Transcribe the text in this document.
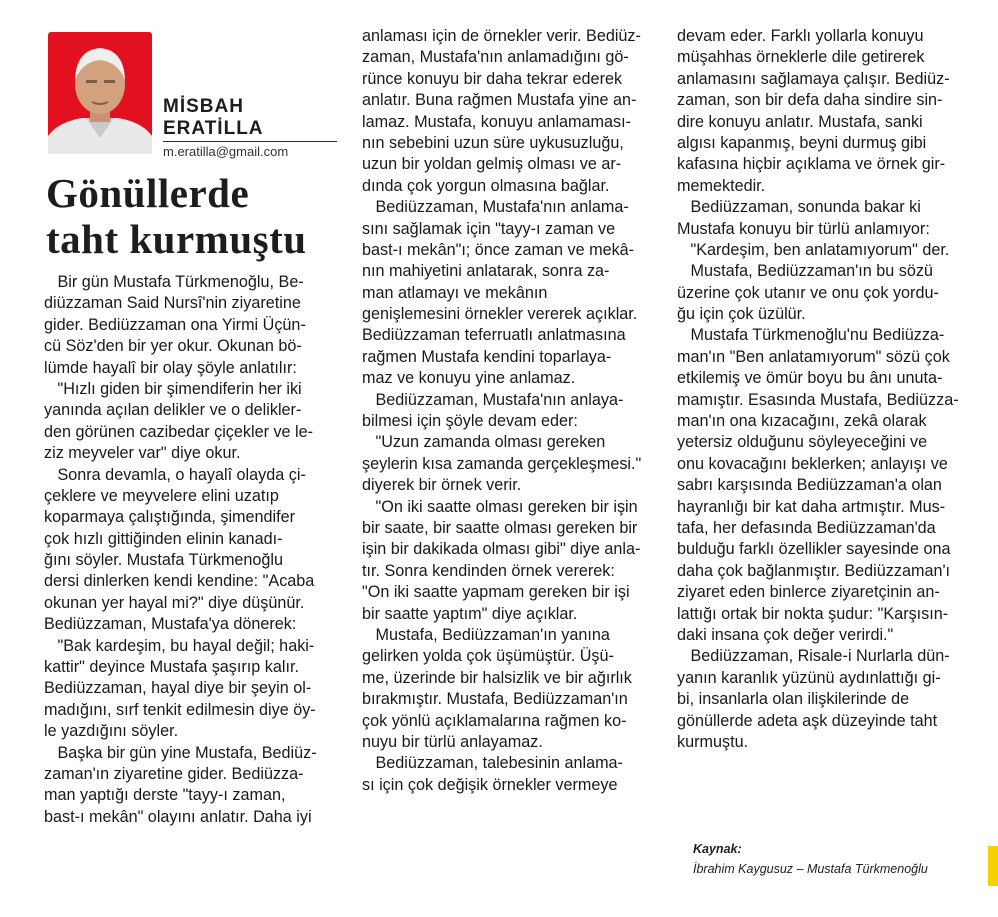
MİSBAH ERATİLLA
m.eratilla@gmail.com
Gönüllerde
taht kurmuştu
Bir gün Mustafa Türkmenoğlu, Be-
diüzzaman Said Nursî'nin ziyaretine
gider. Bediüzzaman ona Yirmi Üçün-
cü Söz'den bir yer okur. Okunan bö-
lümde hayalî bir olay şöyle anlatılır:
"Hızlı giden bir şimendiferin her iki
yanında açılan delikler ve o delikler-
den görünen cazibedar çiçekler ve le-
ziz meyveler var" diye okur.
Sonra devamla, o hayalî olayda çi-
çeklere ve meyvelere elini uzatıp
koparmaya çalıştığında, şimendifer
çok hızlı gittiğinden elinin kanadı-
ğını söyler. Mustafa Türkmenoğlu
dersi dinlerken kendi kendine: "Acaba
okunan yer hayal mi?" diye düşünür.
Bediüzzaman, Mustafa'ya dönerek:
"Bak kardeşim, bu hayal değil; haki-
kattir" deyince Mustafa şaşırıp kalır.
Bediüzzaman, hayal diye bir şeyin ol-
madığını, sırf tenkit edilmesin diye öy-
le yazdığını söyler.
Başka bir gün yine Mustafa, Bediüz-
zaman'ın ziyaretine gider. Bediüzza-
man yaptığı derste "tayy-ı zaman,
bast-ı mekân" olayını anlatır. Daha iyi
anlaması için de örnekler verir. Bediüz-
zaman, Mustafa'nın anlamadığını gö-
rünce konuyu bir daha tekrar ederek
anlatır. Buna rağmen Mustafa yine an-
lamaz. Mustafa, konuyu anlamaması-
nın sebebini uzun süre uykusuzluğu,
uzun bir yoldan gelmiş olması ve ar-
dında çok yorgun olmasına bağlar.
Bediüzzaman, Mustafa'nın anlama-
sını sağlamak için "tayy-ı zaman ve
bast-ı mekân"ı; önce zaman ve mekâ-
nın mahiyetini anlatarak, sonra za-
man atlamayı ve mekânın
genişlemesini örnekler vererek açıklar.
Bediüzzaman teferruatlı anlatmasına
rağmen Mustafa kendini toparlaya-
maz ve konuyu yine anlamaz.
Bediüzzaman, Mustafa'nın anlaya-
bilmesi için şöyle devam eder:
"Uzun zamanda olması gereken
şeylerin kısa zamanda gerçekleşmesi."
diyerek bir örnek verir.
"On iki saatte olması gereken bir işin
bir saate, bir saatte olması gereken bir
işin bir dakikada olması gibi" diye anla-
tır. Sonra kendinden örnek vererek:
"On iki saatte yapmam gereken bir işi
bir saatte yaptım" diye açıklar.
Mustafa, Bediüzzaman'ın yanına
gelirken yolda çok üşümüştür. Üşü-
me, üzerinde bir halsizlik ve bir ağırlık
bırakmıştır. Mustafa, Bediüzzaman'ın
çok yönlü açıklamalarına rağmen ko-
nuyu bir türlü anlayamaz.
Bediüzzaman, talebesinin anlama-
sı için çok değişik örnekler vermeye
devam eder. Farklı yollarla konuyu
müşahhas örneklerle dile getirerek
anlamasını sağlamaya çalışır. Bediüz-
zaman, son bir defa daha sindire sin-
dire konuyu anlatır. Mustafa, sanki
algısı kapanmış, beyni durmuş gibi
kafasına hiçbir açıklama ve örnek gir-
memektedir.
Bediüzzaman, sonunda bakar ki
Mustafa konuyu bir türlü anlamıyor:
"Kardeşim, ben anlatamıyorum" der.
Mustafa, Bediüzzaman'ın bu sözü
üzerine çok utanır ve onu çok yordu-
ğu için çok üzülür.
Mustafa Türkmenoğlu'nu Bediüzza-
man'ın "Ben anlatamıyorum" sözü çok
etkilemiş ve ömür boyu bu ânı unuta-
mamıştır. Esasında Mustafa, Bediüzza-
man'ın ona kızacağını, zekâ olarak
yetersiz olduğunu söyleyeceğini ve
onu kovacağını beklerken; anlayışı ve
sabrı karşısında Bediüzzaman'a olan
hayranlığı bir kat daha artmıştır. Mus-
tafa, her defasında Bediüzzaman'da
bulduğu farklı özellikler sayesinde ona
daha çok bağlanmıştır. Bediüzzaman'ı
ziyaret eden binlerce ziyaretçinin an-
lattığı ortak bir nokta şudur: "Karşısın-
daki insana çok değer verirdi."
Bediüzzaman, Risale-i Nurlarla dün-
yanın karanlık yüzünü aydınlattığı gi-
bi, insanlarla olan ilişkilerinde de
gönüllerde adeta aşk düzeyinde taht
kurmuştu.
Kaynak:
İbrahim Kaygusuz – Mustafa Türkmenoğlu
